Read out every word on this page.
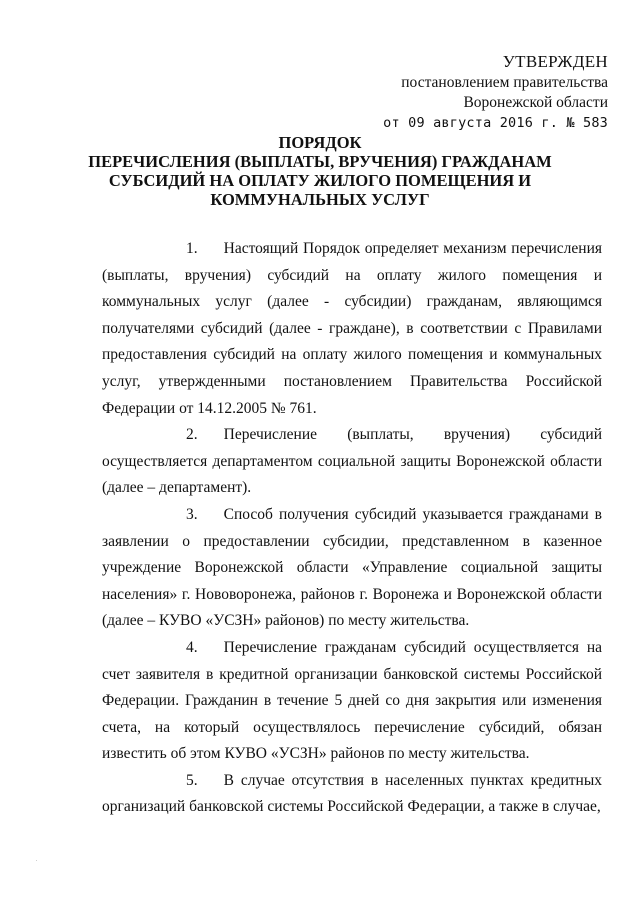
УТВЕРЖДЕН
постановлением правительства
Воронежской области
от 09 августа 2016 г. № 583
ПОРЯДОК
ПЕРЕЧИСЛЕНИЯ (ВЫПЛАТЫ, ВРУЧЕНИЯ) ГРАЖДАНАМ
СУБСИДИЙ НА ОПЛАТУ ЖИЛОГО ПОМЕЩЕНИЯ И
КОММУНАЛЬНЫХ УСЛУГ

1. Настоящий Порядок определяет механизм перечисления (выплаты, вручения) субсидий на оплату жилого помещения и коммунальных услуг (далее - субсидии) гражданам, являющимся получателями субсидий (далее - граждане), в соответствии с Правилами предоставления субсидий на оплату жилого помещения и коммунальных услуг, утвержденными постановлением Правительства Российской Федерации от 14.12.2005 № 761.

2. Перечисление (выплаты, вручения) субсидий осуществляется департаментом социальной защиты Воронежской области (далее – департамент).

3. Способ получения субсидий указывается гражданами в заявлении о предоставлении субсидии, представленном в казенное учреждение Воронежской области «Управление социальной защиты населения» г. Нововоронежа, районов г. Воронежа и Воронежской области (далее – КУВО «УСЗН» районов) по месту жительства.

4. Перечисление гражданам субсидий осуществляется на счет заявителя в кредитной организации банковской системы Российской Федерации. Гражданин в течение 5 дней со дня закрытия или изменения счета, на который осуществлялось перечисление субсидий, обязан известить об этом КУВО «УСЗН» районов по месту жительства.

5. В случае отсутствия в населенных пунктах кредитных организаций банковской системы Российской Федерации, а также в случае,
